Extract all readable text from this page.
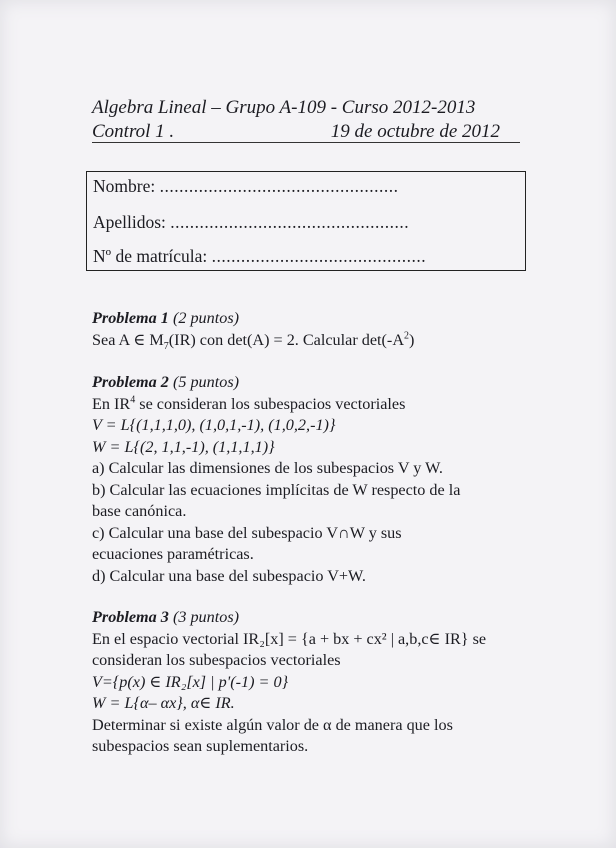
Algebra Lineal – Grupo A-109 - Curso 2012-2013
Control 1 .	19 de octubre de 2012
Nombre: .................................................
Apellidos: .................................................
Nº de matrícula: ............................................
Problema 1 (2 puntos)
Sea A ∈ $M_7(IR)$ con det(A) = 2. Calcular $\det(-A^2)$
Problema 2 (5 puntos)
En $IR^4$ se consideran los subespacios vectoriales
V = L{(1,1,1,0), (1,0,1,-1), (1,0,2,-1)}
W = L{(2, 1,1,-1), (1,1,1,1)}
a) Calcular las dimensiones de los subespacios V y W.
b) Calcular las ecuaciones implícitas de W respecto de la
base canónica.
c) Calcular una base del subespacio V∩W y sus
ecuaciones paramétricas.
d) Calcular una base del subespacio V+W.
Problema 3 (3 puntos)
En el espacio vectorial IR₂[x] = {a + bx + cx² | a,b,c∈ IR} se
consideran los subespacios vectoriales
V={p(x) ∈ IR₂[x] | p'(-1) = 0}
W = L{α– αx}, α∈ IR.
Determinar si existe algún valor de α de manera que los
subespacios sean suplementarios.
